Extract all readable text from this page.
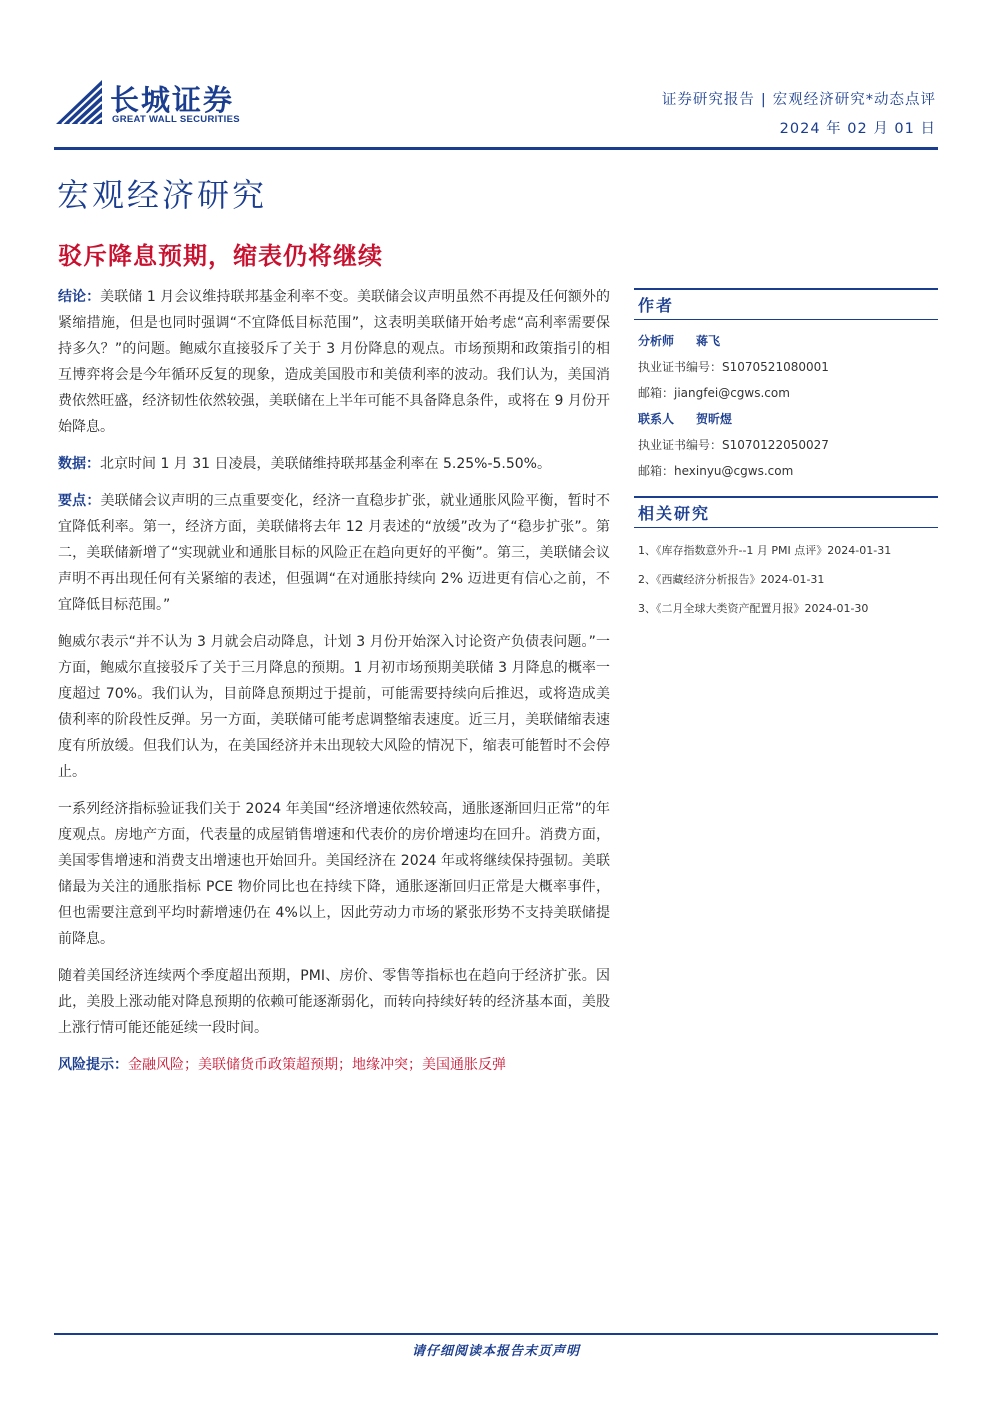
长城证券
GREAT WALL SECURITIES
证券研究报告 | 宏观经济研究*动态点评
2024 年 02 月 01 日
宏观经济研究
驳斥降息预期，缩表仍将继续

结论：美联储 1 月会议维持联邦基金利率不变。美联储会议声明虽然不再提及任何额外的紧缩措施，但是也同时强调“不宜降低目标范围”，这表明美联储开始考虑“高利率需要保持多久？”的问题。鲍威尔直接驳斥了关于 3 月份降息的观点。市场预期和政策指引的相互博弈将会是今年循环反复的现象，造成美国股市和美债利率的波动。我们认为，美国消费依然旺盛，经济韧性依然较强，美联储在上半年可能不具备降息条件，或将在 9 月份开始降息。

数据：北京时间 1 月 31 日凌晨，美联储维持联邦基金利率在 5.25%-5.50%。

要点：美联储会议声明的三点重要变化，经济一直稳步扩张，就业通胀风险平衡，暂时不宜降低利率。第一，经济方面，美联储将去年 12 月表述的“放缓”改为了“稳步扩张”。第二，美联储新增了“实现就业和通胀目标的风险正在趋向更好的平衡”。第三，美联储会议声明不再出现任何有关紧缩的表述，但强调“在对通胀持续向 2% 迈进更有信心之前，不宜降低目标范围。”

鲍威尔表示“并不认为 3 月就会启动降息，计划 3 月份开始深入讨论资产负债表问题。”一方面，鲍威尔直接驳斥了关于三月降息的预期。1 月初市场预期美联储 3 月降息的概率一度超过 70%。我们认为，目前降息预期过于提前，可能需要持续向后推迟，或将造成美债利率的阶段性反弹。另一方面，美联储可能考虑调整缩表速度。近三月，美联储缩表速度有所放缓。但我们认为，在美国经济并未出现较大风险的情况下，缩表可能暂时不会停止。

一系列经济指标验证我们关于 2024 年美国“经济增速依然较高，通胀逐渐回归正常”的年度观点。房地产方面，代表量的成屋销售增速和代表价的房价增速均在回升。消费方面，美国零售增速和消费支出增速也开始回升。美国经济在 2024 年或将继续保持强韧。美联储最为关注的通胀指标 PCE 物价同比也在持续下降，通胀逐渐回归正常是大概率事件，但也需要注意到平均时薪增速仍在 4%以上，因此劳动力市场的紧张形势不支持美联储提前降息。

随着美国经济连续两个季度超出预期，PMI、房价、零售等指标也在趋向于经济扩张。因此，美股上涨动能对降息预期的依赖可能逐渐弱化，而转向持续好转的经济基本面，美股上涨行情可能还能延续一段时间。

风险提示：金融风险；美联储货币政策超预期；地缘冲突；美国通胀反弹

作者
分析师 蒋飞
执业证书编号：S1070521080001
邮箱：jiangfei@cgws.com
联系人 贺昕煜
执业证书编号：S1070122050027
邮箱：hexinyu@cgws.com
相关研究
1、《库存指数意外升--1 月 PMI 点评》2024-01-31
2、《西藏经济分析报告》2024-01-31
3、《二月全球大类资产配置月报》2024-01-30
请仔细阅读本报告末页声明
